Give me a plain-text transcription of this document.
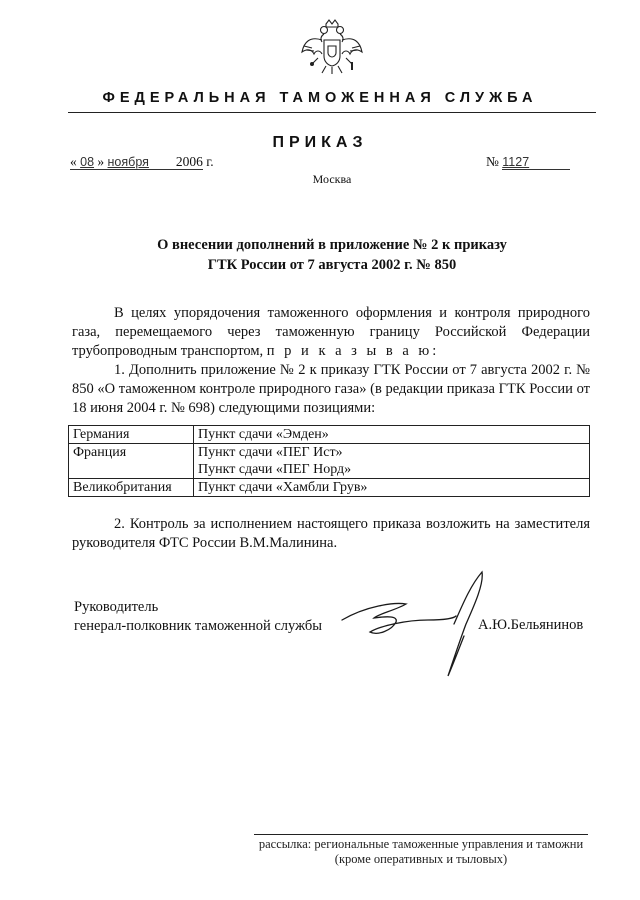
ФЕДЕРАЛЬНАЯ ТАМОЖЕННАЯ СЛУЖБА
ПРИКАЗ
« 08 » ноября 2006 г.	№ 1127
Москва
О внесении дополнений в приложение № 2 к приказу
ГТК России от 7 августа 2002 г. № 850

В целях упорядочения таможенного оформления и контроля природного газа, перемещаемого через таможенную границу Российской Федерации трубопроводным транспортом, п р и к а з ы в а ю:

1. Дополнить приложение № 2 к приказу ГТК России от 7 августа 2002 г. № 850 «О таможенном контроле природного газа» (в редакции приказа ГТК России от 18 июня 2004 г. № 698) следующими позициями:

Германия	Пункт сдачи «Эмден»

Франция	Пункт сдачи «ПЕГ Ист»
Пункт сдачи «ПЕГ Норд»

Великобритания	Пункт сдачи «Хамбли Грув»

2. Контроль за исполнением настоящего приказа возложить на заместителя руководителя ФТС России В.М.Малинина.

Руководитель
генерал-полковник таможенной службы	А.Ю.Бельянинов
рассылка: региональные таможенные управления и таможни
(кроме оперативных и тыловых)
